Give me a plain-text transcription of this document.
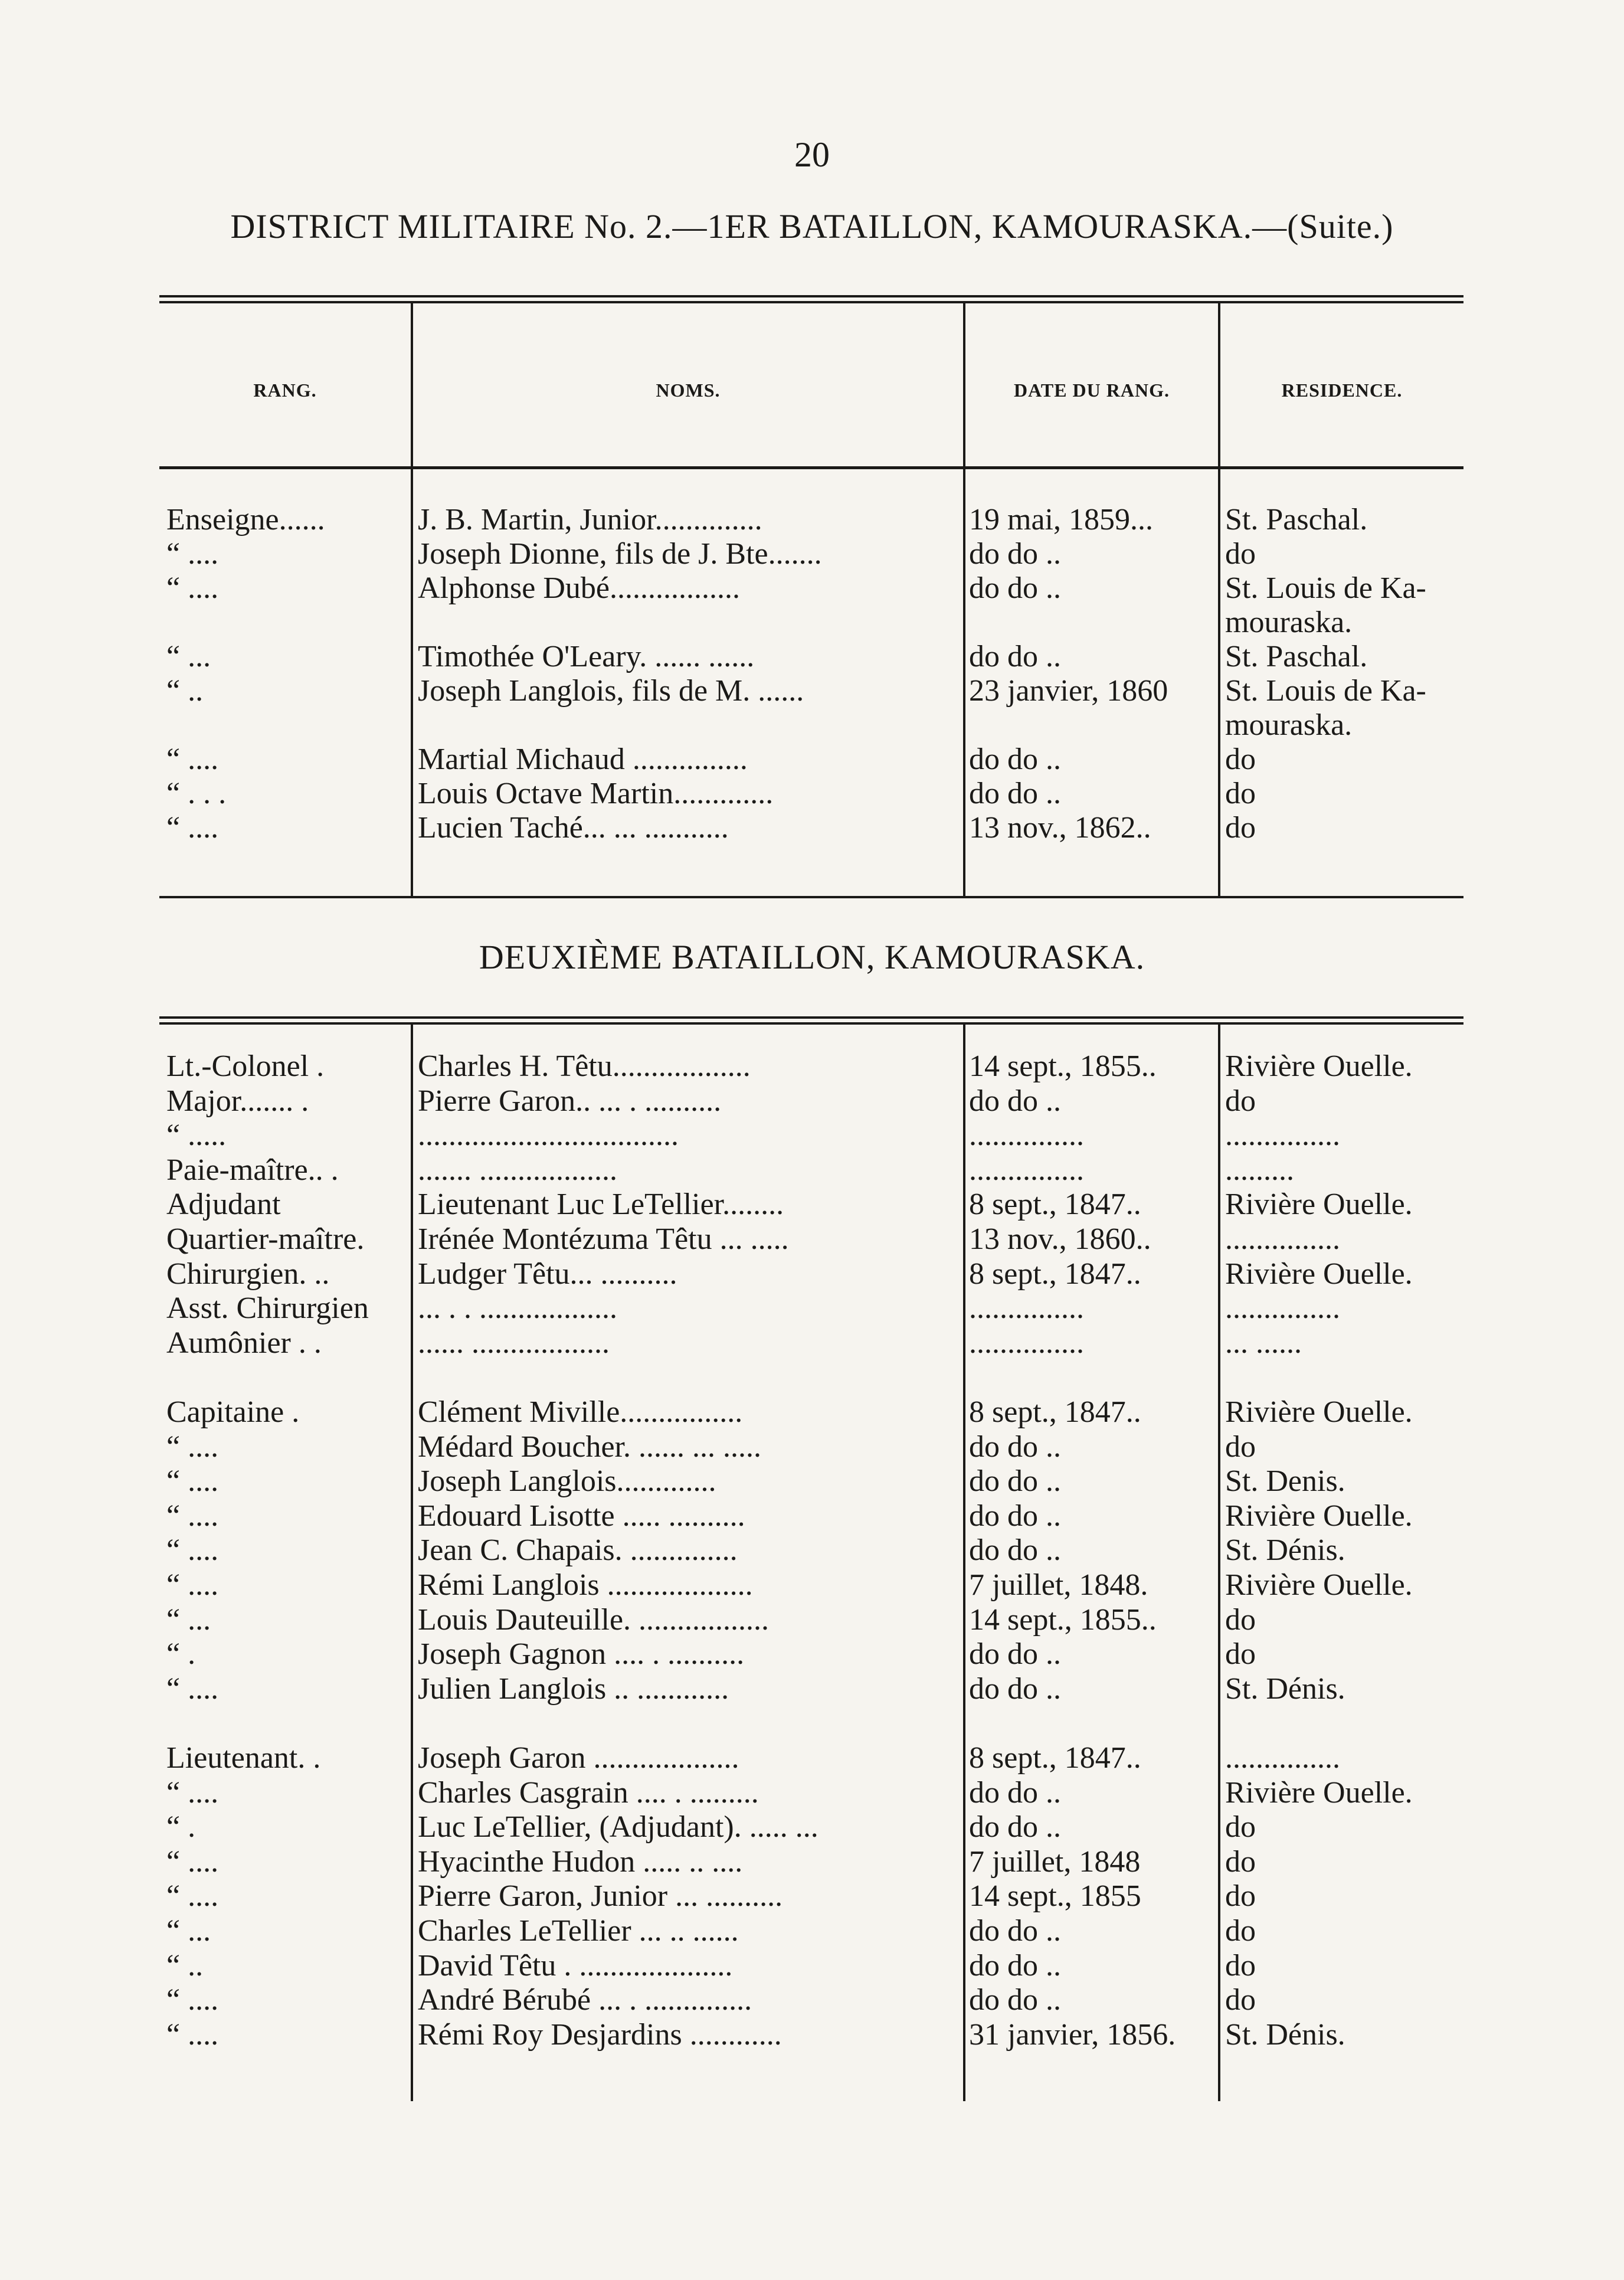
20
DISTRICT MILITAIRE No. 2.—1ER BATAILLON, KAMOURASKA.—(Suite.)
RANG.	NOMS.	DATE DU RANG.	RESIDENCE.
Enseigne......	J. B. Martin, Junior..............	19 mai, 1859...	St. Paschal.
“ ....	Joseph Dionne, fils de J. Bte.......	do do ..	do
“ ....	Alphonse Dubé.................	do do ..	St. Louis de Ka-
mouraska.
“ ...	Timothée O'Leary. ...... ......	do do ..	St. Paschal.
“ ..	Joseph Langlois, fils de M. ......	23 janvier, 1860	St. Louis de Ka-
mouraska.
“ ....	Martial Michaud ...............	do do ..	do
“ . . .	Louis Octave Martin.............	do do ..	do
“ ....	Lucien Taché... ... ...........	13 nov., 1862..	do
DEUXIÈME BATAILLON, KAMOURASKA.
Lt.-Colonel .	Charles H. Têtu..................	14 sept., 1855..	Rivière Ouelle.
Major....... .	Pierre Garon.. ... . ..........	do do ..	do
“ .....	..................................	...............	...............
Paie-maître.. .	....... ..................	...............	.........
Adjudant	Lieutenant Luc LeTellier........	8 sept., 1847..	Rivière Ouelle.
Quartier-maître.	Irénée Montézuma Têtu ... .....	13 nov., 1860..	...............
Chirurgien. ..	Ludger Têtu... ..........	8 sept., 1847..	Rivière Ouelle.
Asst. Chirurgien	... . . ..................	...............	...............
Aumônier . .	...... ..................	...............	... ......
Capitaine .	Clément Miville................	8 sept., 1847..	Rivière Ouelle.
“ ....	Médard Boucher. ...... ... .....	do do ..	do
“ ....	Joseph Langlois.............	do do ..	St. Denis.
“ ....	Edouard Lisotte ..... ..........	do do ..	Rivière Ouelle.
“ ....	Jean C. Chapais. ..............	do do ..	St. Dénis.
“ ....	Rémi Langlois ...................	7 juillet, 1848.	Rivière Ouelle.
“ ...	Louis Dauteuille. .................	14 sept., 1855..	do
“ .	Joseph Gagnon .... . ..........	do do ..	do
“ ....	Julien Langlois .. ............	do do ..	St. Dénis.
Lieutenant. .	Joseph Garon ...................	8 sept., 1847..	...............
“ ....	Charles Casgrain .... . .........	do do ..	Rivière Ouelle.
“ .	Luc LeTellier, (Adjudant). ..... ...	do do ..	do
“ ....	Hyacinthe Hudon ..... .. ....	7 juillet, 1848	do
“ ....	Pierre Garon, Junior ... ..........	14 sept., 1855	do
“ ...	Charles LeTellier ... .. ......	do do ..	do
“ ..	David Têtu . ....................	do do ..	do
“ ....	André Bérubé ... . ..............	do do ..	do
“ ....	Rémi Roy Desjardins ............	31 janvier, 1856.	St. Dénis.
